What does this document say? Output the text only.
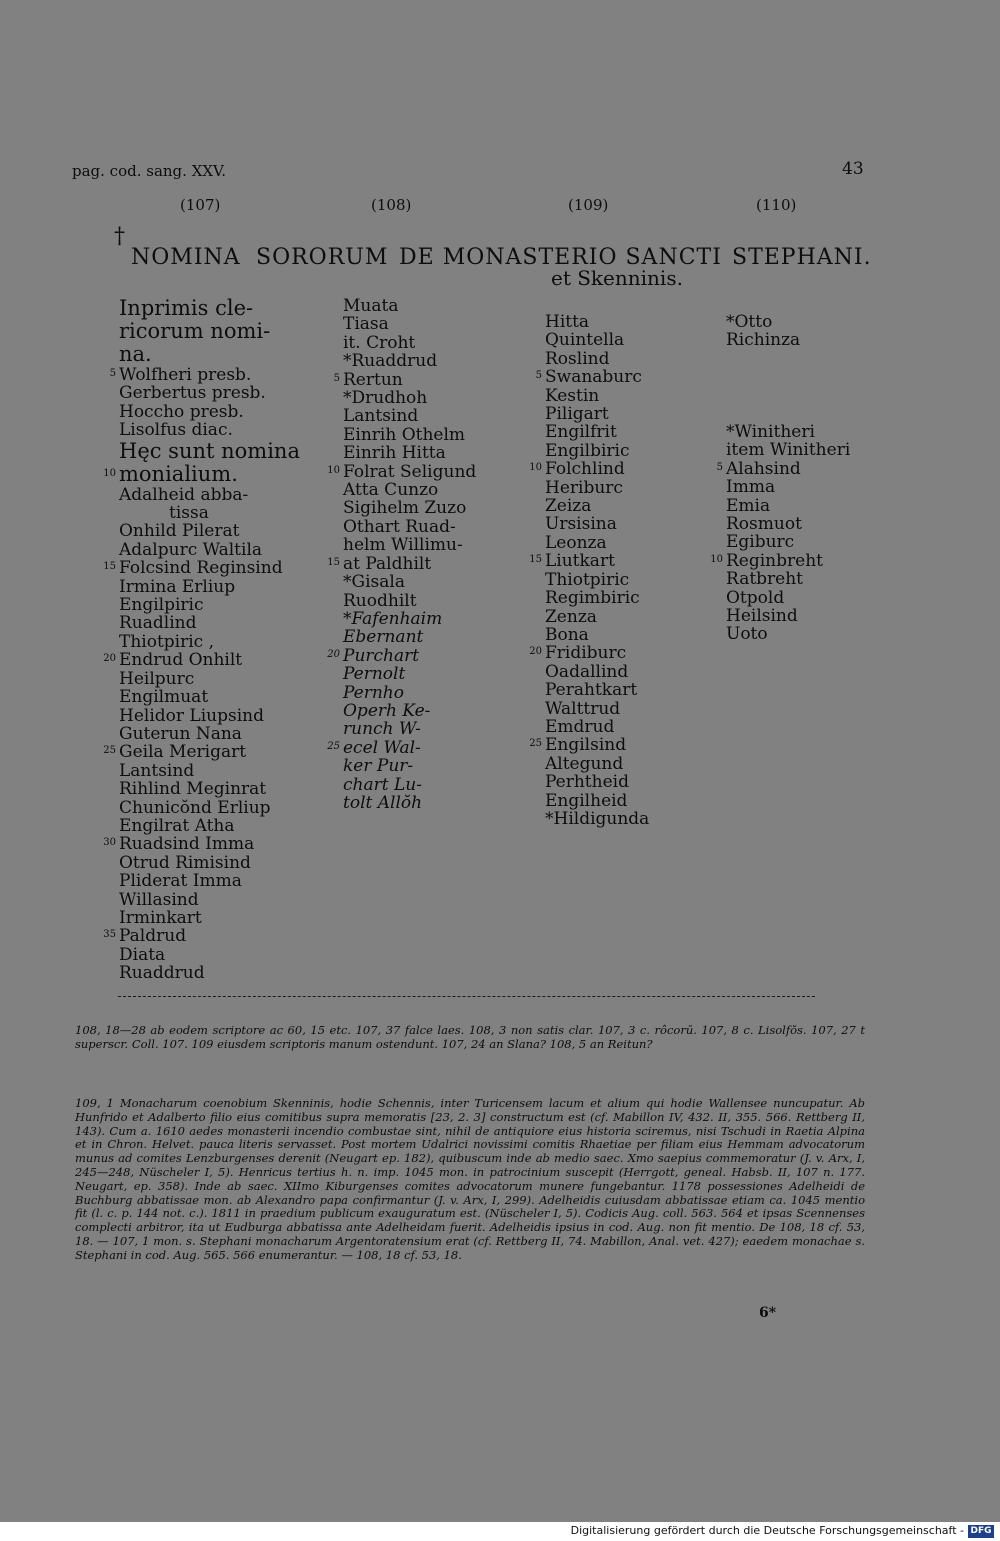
pag. cod. sang. XXV.	43
(107)	(108)	(109)	(110)
†
NOMINA SORORUM DE MONASTERIO SANCTI STEPHANI.
et Skenninis.
Inprimis cle-
ricorum nomi-
na.
5 Wolfheri presb.
Gerbertus presb.
Hoccho presb.
Lisolfus diac.
Hęc sunt nomina
10 monialium.
Adalheid abba-
tissa
Onhild Pilerat
Adalpurc Waltila
15 Folcsind Reginsind
Irmina Erliup
Engilpiric
Ruadlind
Thiotpiric ,
20 Endrud Onhilt
Heilpurc
Engilmuat
Helidor Liupsind
Guterun Nana
25 Geila Merigart
Lantsind
Rihlind Meginrat
Chunicŏnd Erliup
Engilrat Atha
30 Ruadsind Imma
Otrud Rimisind
Pliderat Imma
Willasind
Irminkart
35 Paldrud
Diata
Ruaddrud
Muata
Tiasa
it. Croht
*Ruaddrud
5 Rertun
*Drudhoh
Lantsind
Einrih Othelm
Einrih Hitta
10 Folrat Seligund
Atta Cunzo
Sigihelm Zuzo
Othart Ruad-
helm Willimu-
15 at Paldhilt
*Gisala
Ruodhilt
*Fafenhaim
Ebernant
20 Purchart
Pernolt
Pernho
Operh Ke-
runch W-
25 ecel Wal-
ker Pur-
chart Lu-
tolt Allŏh
Hitta
Quintella
Roslind
5 Swanaburc
Kestin
Piligart
Engilfrit
Engilbiric
10 Folchlind
Heriburc
Zeiza
Ursisina
Leonza
15 Liutkart
Thiotpiric
Regimbiric
Zenza
Bona
20 Fridiburc
Oadallind
Perahtkart
Walttrud
Emdrud
25 Engilsind
Altegund
Perhtheid
Engilheid
*Hildigunda
*Otto
Richinza
*Winitheri
item Winitheri
5 Alahsind
Imma
Emia
Rosmuot
Egiburc
10 Reginbreht
Ratbreht
Otpold
Heilsind
Uoto

108, 18—28 ab eodem scriptore ac 60, 15 etc. 107, 37 falce laes. 108, 3 non satis clar. 107, 3 c. rôcorū. 107, 8 c. Lisolfŏs. 107, 27 t superscr. Coll. 107. 109 eiusdem scriptoris manum ostendunt. 107, 24 an Slana? 108, 5 an Reitun?

109, 1 Monacharum coenobium Skenninis, hodie Schennis, inter Turicensem lacum et alium qui hodie Wallensee nuncupatur. Ab Hunfrido et Adalberto filio eius comitibus supra memoratis [23, 2. 3] constructum est (cf. Mabillon IV, 432. II, 355. 566. Rettberg II, 143). Cum a. 1610 aedes monasterii incendio combustae sint, nihil de antiquiore eius historia sciremus, nisi Tschudi in Raetia Alpina et in Chron. Helvet. pauca literis servasset. Post mortem Udalrici novissimi comitis Rhaetiae per filiam eius Hemmam advocatorum munus ad comites Lenzburgenses derenit (Neugart ep. 182), quibuscum inde ab medio saec. Xmo saepius commemoratur (J. v. Arx, I, 245—248, Nüscheler I, 5). Henricus tertius h. n. imp. 1045 mon. in patrocinium suscepit (Herrgott, geneal. Habsb. II, 107 n. 177. Neugart, ep. 358). Inde ab saec. XIImo Kiburgenses comites advocatorum munere fungebantur. 1178 possessiones Adelheidi de Buchburg abbatissae mon. ab Alexandro papa confirmantur (J. v. Arx, I, 299). Adelheidis cuiusdam abbatissae etiam ca. 1045 mentio fit (l. c. p. 144 not. c.). 1811 in praedium publicum exauguratum est. (Nüscheler I, 5). Codicis Aug. coll. 563. 564 et ipsas Scennenses complecti arbitror, ita ut Eudburga abbatissa ante Adelheidam fuerit. Adelheidis ipsius in cod. Aug. non fit mentio. De 108, 18 cf. 53, 18. — 107, 1 mon. s. Stephani monacharum Argentoratensium erat (cf. Rettberg II, 74. Mabillon, Anal. vet. 427); eaedem monachae s. Stephani in cod. Aug. 565. 566 enumerantur. — 108, 18 cf. 53, 18.

6*
Digitalisierung gefördert durch die Deutsche Forschungsgemeinschaft - DFG
